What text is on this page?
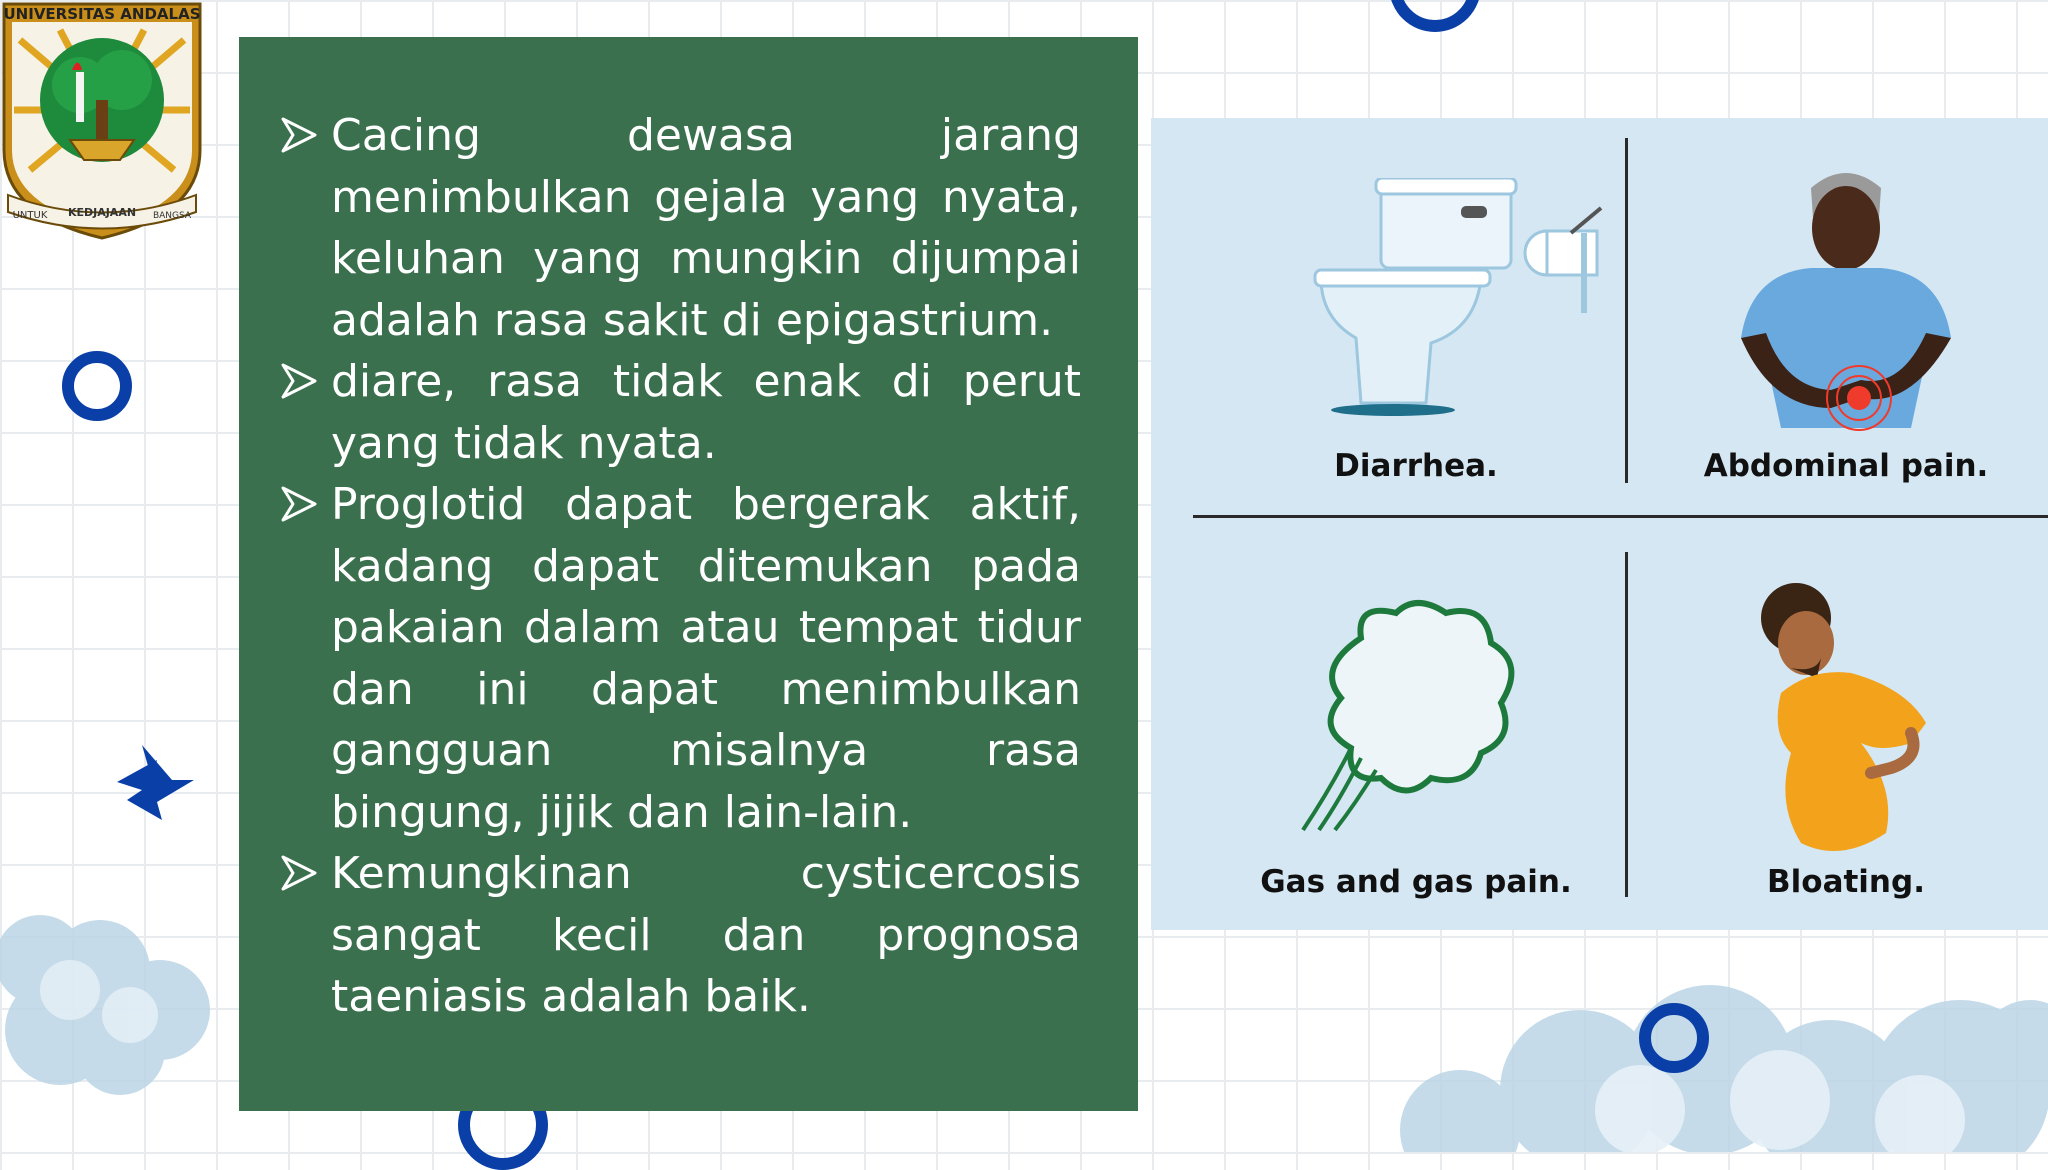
KEDJAJAAN
UNTUK	BANGSA
UNIVERSITAS ANDALAS
Cacing dewasa jarang menimbulkan gejala yang nyata, keluhan yang mungkin dijumpai adalah rasa sakit di epigastrium.
diare, rasa tidak enak di perut yang tidak nyata.
Proglotid dapat bergerak aktif, kadang dapat ditemukan pada pakaian dalam atau tempat tidur dan ini dapat menimbulkan gangguan misalnya rasa bingung, jijik dan lain-lain.
Kemungkinan cysticercosis sangat kecil dan prognosa taeniasis adalah baik.
Diarrhea.	Abdominal pain.
Gas and gas pain.	Bloating.
